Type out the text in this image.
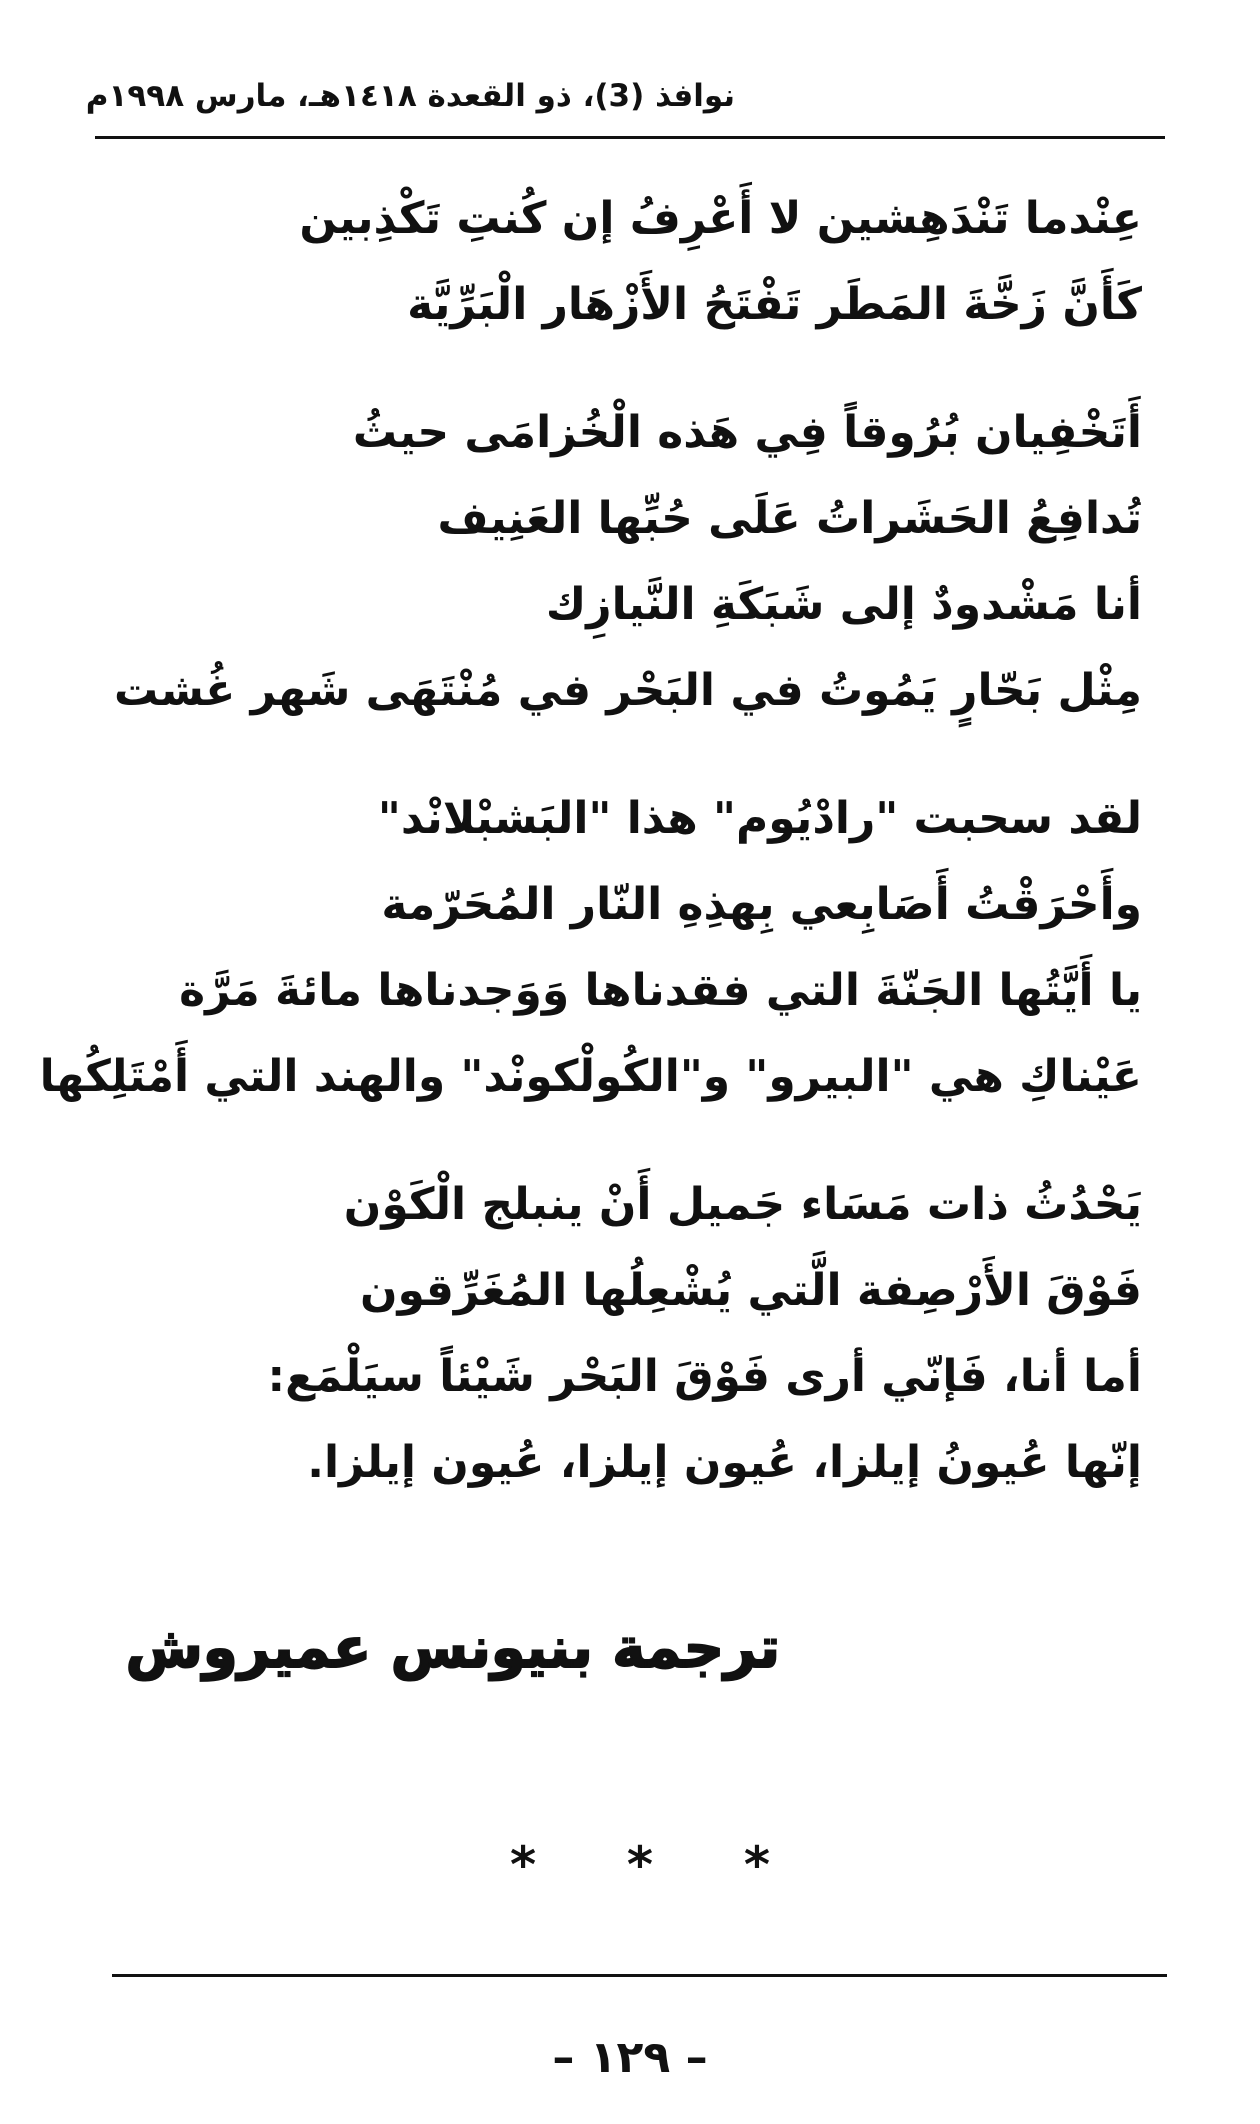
نوافذ (3)، ذو القعدة ١٤١٨هـ، مارس ١٩٩٨م
عِنْدما تَنْدَهِشين لا أَعْرِفُ إن كُنتِ تَكْذِبين
كَأَنَّ زَخَّةَ المَطَر تَفْتَحُ الأَزْهَار الْبَرِّيَّة
أَتَخْفِيان بُرُوقاً فِي هَذه الْخُزامَى حيثُ
تُدافِعُ الحَشَراتُ عَلَى حُبِّها العَنِيف
أنا مَشْدودٌ إلى شَبَكَةِ النَّيازِك
مِثْل بَحّارٍ يَمُوتُ في البَحْر في مُنْتَهَى شَهر غُشت
لقد سحبت "رادْيُوم" هذا "البَشبْلانْد"
وأَحْرَقْتُ أَصَابِعي بِهذِهِ النّار المُحَرّمة
يا أَيَّتُها الجَنّةَ التي فقدناها وَوَجدناها مائةَ مَرَّة
عَيْناكِ هي "البيرو" و"الكُولْكونْد" والهند التي أَمْتَلِكُها
يَحْدُثُ ذات مَسَاء جَميل أَنْ ينبلج الْكَوْن
فَوْقَ الأَرْصِفة الَّتي يُشْعِلُها المُغَرِّقون
أما أنا، فَإنّي أرى فَوْقَ البَحْر شَيْئاً سيَلْمَع:
إنّها عُيونُ إيلزا، عُيون إيلزا، عُيون إيلزا.
ترجمة بنيونس عميروش
* * *
– ١٢٩ –
